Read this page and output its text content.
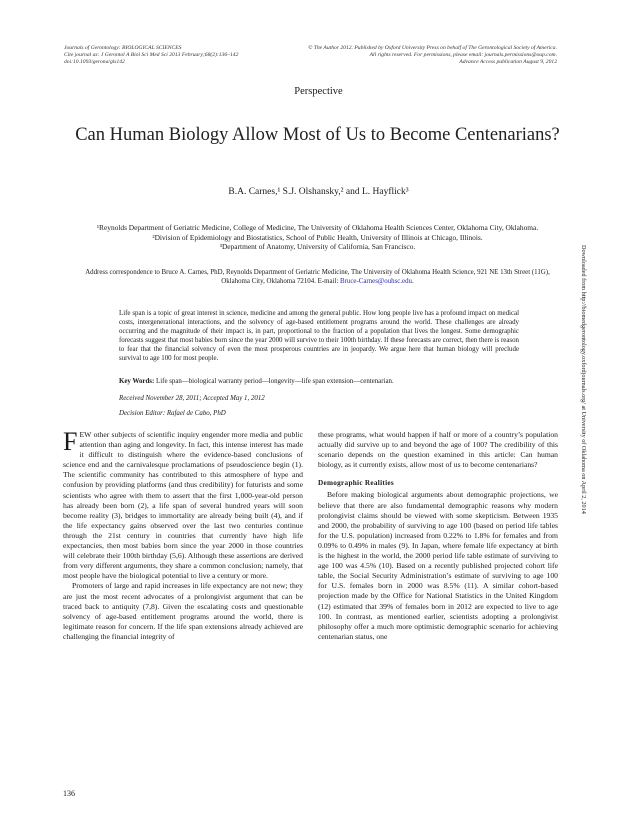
Journals of Gerontology: BIOLOGICAL SCIENCES
Cite journal as: J Gerontol A Biol Sci Med Sci 2013 February;68(2):136–142
doi:10.1093/gerona/gls142
© The Author 2012. Published by Oxford University Press on behalf of The Gerontological Society of America.
All rights reserved. For permissions, please email: journals.permissions@oup.com.
Advance Access publication August 9, 2012
Perspective
Can Human Biology Allow Most of Us to Become Centenarians?
B.A. Carnes,¹ S.J. Olshansky,² and L. Hayflick³
¹Reynolds Department of Geriatric Medicine, College of Medicine, The University of Oklahoma Health Sciences Center, Oklahoma City, Oklahoma.
²Division of Epidemiology and Biostatistics, School of Public Health, University of Illinois at Chicago, Illinois.
³Department of Anatomy, University of California, San Francisco.
Address correspondence to Bruce A. Carnes, PhD, Reynolds Department of Geriatric Medicine, The University of Oklahoma Health Science, 921 NE 13th Street (11G), Oklahoma City, Oklahoma 72104. E-mail: Bruce-Carnes@ouhsc.edu.
Life span is a topic of great interest in science, medicine and among the general public. How long people live has a profound impact on medical costs, intergenerational interactions, and the solvency of age-based entitlement programs around the world. These challenges are already occurring and the magnitude of their impact is, in part, proportional to the fraction of a population that lives the longest. Some demographic forecasts suggest that most babies born since the year 2000 will survive to their 100th birthday. If these forecasts are correct, then there is reason to fear that the financial solvency of even the most prosperous countries are in jeopardy. We argue here that human biology will preclude survival to age 100 for most people.
Key Words: Life span—biological warranty period—longevity—life span extension—centenarian.
Received November 28, 2011; Accepted May 1, 2012
Decision Editor: Rafael de Cabo, PhD

FEW other subjects of scientific inquiry engender more media and public attention than aging and longevity. In fact, this intense interest has made it difficult to distinguish where the evidence-based conclusions of science end and the carnivalesque proclamations of pseudoscience begin (1). The scientific community has contributed to this atmosphere of hype and confusion by providing platforms (and thus credibility) for futurists and some scientists who agree with them to assert that the first 1,000-year-old person has already been born (2), a life span of several hundred years will soon become reality (3), bridges to immortality are already being built (4), and if the life expectancy gains observed over the last two centuries continue through the 21st century in countries that currently have high life expectancies, then most babies born since the year 2000 in those countries will celebrate their 100th birthday (5,6). Although these assertions are derived from very different arguments, they share a common conclusion; namely, that most people have the biological potential to live a century or more.

Promoters of large and rapid increases in life expectancy are not new; they are just the most recent advocates of a prolongivist argument that can be traced back to antiquity (7,8). Given the escalating costs and questionable solvency of age-based entitlement programs around the world, there is legitimate reason for concern. If the life span extensions already achieved are challenging the financial integrity of

these programs, what would happen if half or more of a country’s population actually did survive up to and beyond the age of 100? The credibility of this scenario depends on the question examined in this article: Can human biology, as it currently exists, allow most of us to become centenarians?

Demographic Realities

Before making biological arguments about demographic projections, we believe that there are also fundamental demographic reasons why modern prolongivist claims should be viewed with some skepticism. Between 1935 and 2000, the probability of surviving to age 100 (based on period life tables for the U.S. population) increased from 0.22% to 1.8% for females and from 0.09% to 0.49% in males (9). In Japan, where female life expectancy at birth is the highest in the world, the 2000 period life table estimate of surviving to age 100 was 4.5% (10). Based on a recently published projected cohort life table, the Social Security Administration’s estimate of surviving to age 100 for U.S. females born in 2000 was 8.5% (11). A similar cohort-based projection made by the Office for National Statistics in the United Kingdom (12) estimated that 39% of females born in 2012 are expected to live to age 100. In contrast, as mentioned earlier, scientists adopting a prolongivist philosophy offer a much more optimistic demographic scenario for achieving centenarian status, one

136
Downloaded from http://biomedgerontology.oxfordjournals.org/ at University of Oklahoma on April 2, 2014
